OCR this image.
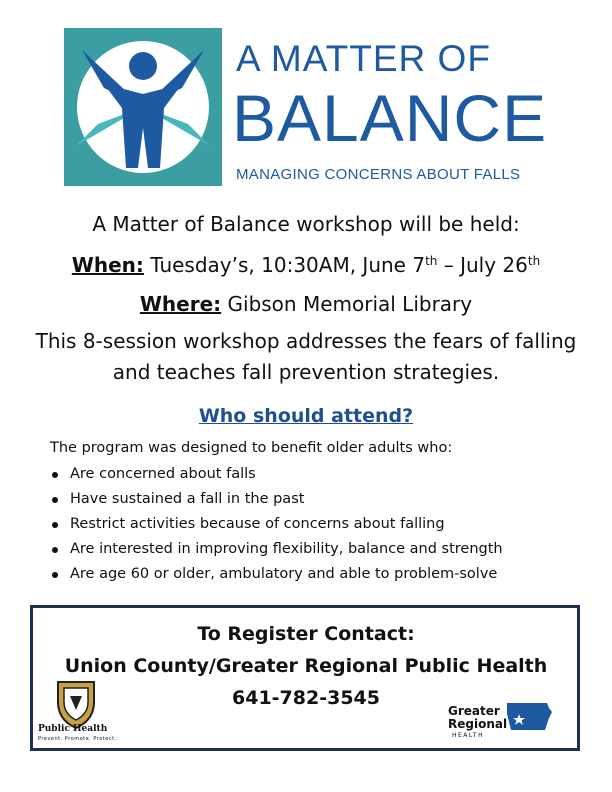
A MATTER OF
BALANCE
MANAGING CONCERNS ABOUT FALLS
A Matter of Balance workshop will be held:
When: Tuesday’s, 10:30AM, June 7th – July 26th
Where: Gibson Memorial Library
This 8-session workshop addresses the fears of falling
and teaches fall prevention strategies.
Who should attend?
The program was designed to benefit older adults who:
Are concerned about falls
Have sustained a fall in the past
Restrict activities because of concerns about falling
Are interested in improving flexibility, balance and strength
Are age 60 or older, ambulatory and able to problem-solve
To Register Contact:
Union County/Greater Regional Public Health
641-782-3545
Public Health
Prevent. Promote. Protect.
Greater
Regional
HEALTH
